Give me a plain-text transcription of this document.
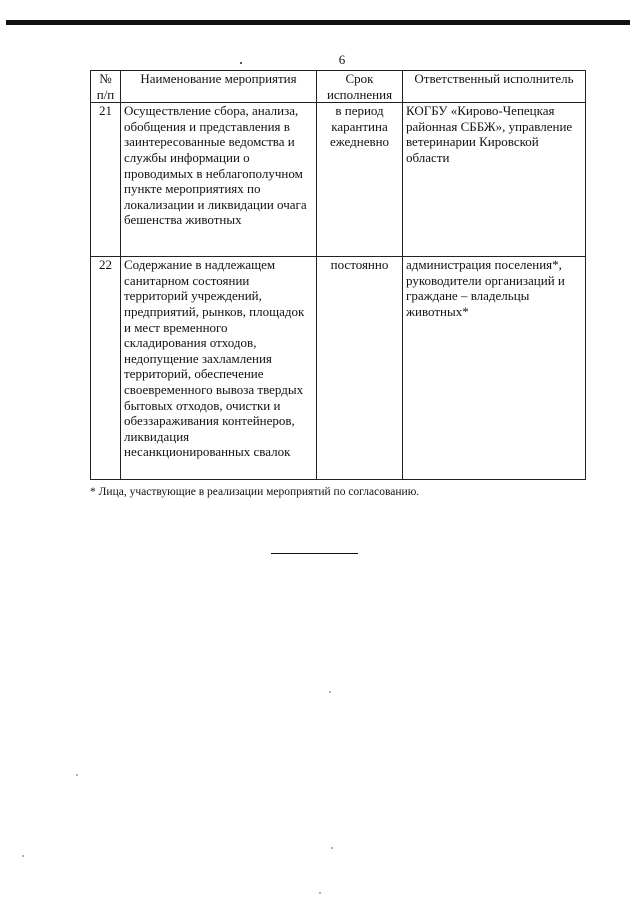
6
№ п/п	Наименование мероприятия	Срок исполнения	Ответственный исполнитель
21	Осуществление сбора, анализа, обобщения и представления в заинтересованные ведомства и службы информации о проводимых в неблагополучном пункте мероприятиях по локализации и ликвидации очага бешенства животных	в период карантина ежедневно	КОГБУ «Кирово-Чепецкая районная СББЖ», управление ветеринарии Кировской области
22	Содержание в надлежащем санитарном состоянии территорий учреждений, предприятий, рынков, площадок и мест временного складирования отходов, недопущение захламления территорий, обеспечение своевременного вывоза твердых бытовых отходов, очистки и обеззараживания контейнеров, ликвидация несанкционированных свалок	постоянно	администрация поселения*, руководители организаций и граждане – владельцы животных*
* Лица, участвующие в реализации мероприятий по согласованию.
